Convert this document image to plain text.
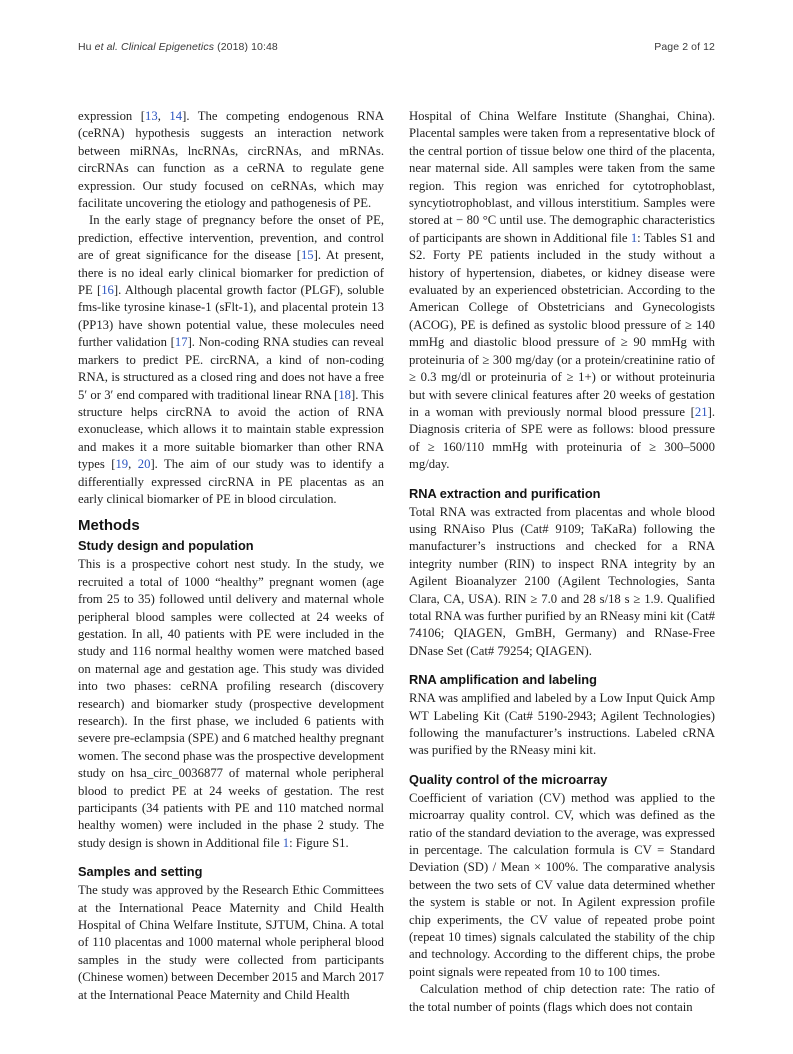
Hu et al. Clinical Epigenetics (2018) 10:48	Page 2 of 12

expression [13, 14]. The competing endogenous RNA (ceRNA) hypothesis suggests an interaction network between miRNAs, lncRNAs, circRNAs, and mRNAs. circRNAs can function as a ceRNA to regulate gene expression. Our study focused on ceRNAs, which may facilitate uncovering the etiology and pathogenesis of PE.

In the early stage of pregnancy before the onset of PE, prediction, effective intervention, prevention, and control are of great significance for the disease [15]. At present, there is no ideal early clinical biomarker for prediction of PE [16]. Although placental growth factor (PLGF), soluble fms-like tyrosine kinase-1 (sFlt-1), and placental protein 13 (PP13) have shown potential value, these molecules need further validation [17]. Non-coding RNA studies can reveal markers to predict PE. circRNA, a kind of non-coding RNA, is structured as a closed ring and does not have a free 5′ or 3′ end compared with traditional linear RNA [18]. This structure helps circRNA to avoid the action of RNA exonuclease, which allows it to maintain stable expression and makes it a more suitable biomarker than other RNA types [19, 20]. The aim of our study was to identify a differentially expressed circRNA in PE placentas as an early clinical biomarker of PE in blood circulation.

Methods
Study design and population

This is a prospective cohort nest study. In the study, we recruited a total of 1000 “healthy” pregnant women (age from 25 to 35) followed until delivery and maternal whole peripheral blood samples were collected at 24 weeks of gestation. In all, 40 patients with PE were included in the study and 116 normal healthy women were matched based on maternal age and gestation age. This study was divided into two phases: ceRNA profiling research (discovery research) and biomarker study (prospective development research). In the first phase, we included 6 patients with severe pre-eclampsia (SPE) and 6 matched healthy pregnant women. The second phase was the prospective development study on hsa_circ_0036877 of maternal whole peripheral blood to predict PE at 24 weeks of gestation. The rest participants (34 patients with PE and 110 matched normal healthy women) were included in the phase 2 study. The study design is shown in Additional file 1: Figure S1.

Samples and setting

The study was approved by the Research Ethic Committees at the International Peace Maternity and Child Health Hospital of China Welfare Institute, SJTUM, China. A total of 110 placentas and 1000 maternal whole peripheral blood samples in the study were collected from participants (Chinese women) between December 2015 and March 2017 at the International Peace Maternity and Child Health

Hospital of China Welfare Institute (Shanghai, China). Placental samples were taken from a representative block of the central portion of tissue below one third of the placenta, near maternal side. All samples were taken from the same region. This region was enriched for cytotrophoblast, syncytiotrophoblast, and villous interstitium. Samples were stored at − 80 °C until use. The demographic characteristics of participants are shown in Additional file 1: Tables S1 and S2. Forty PE patients included in the study without a history of hypertension, diabetes, or kidney disease were evaluated by an experienced obstetrician. According to the American College of Obstetricians and Gynecologists (ACOG), PE is defined as systolic blood pressure of ≥ 140 mmHg and diastolic blood pressure of ≥ 90 mmHg with proteinuria of ≥ 300 mg/day (or a protein/creatinine ratio of ≥ 0.3 mg/dl or proteinuria of ≥ 1+) or without proteinuria but with severe clinical features after 20 weeks of gestation in a woman with previously normal blood pressure [21]. Diagnosis criteria of SPE were as follows: blood pressure of ≥ 160/110 mmHg with proteinuria of ≥ 300–5000 mg/day.

RNA extraction and purification

Total RNA was extracted from placentas and whole blood using RNAiso Plus (Cat# 9109; TaKaRa) following the manufacturer’s instructions and checked for a RNA integrity number (RIN) to inspect RNA integrity by an Agilent Bioanalyzer 2100 (Agilent Technologies, Santa Clara, CA, USA). RIN ≥ 7.0 and 28 s/18 s ≥ 1.9. Qualified total RNA was further purified by an RNeasy mini kit (Cat# 74106; QIAGEN, GmBH, Germany) and RNase-Free DNase Set (Cat# 79254; QIAGEN).

RNA amplification and labeling

RNA was amplified and labeled by a Low Input Quick Amp WT Labeling Kit (Cat# 5190-2943; Agilent Technologies) following the manufacturer’s instructions. Labeled cRNA was purified by the RNeasy mini kit.

Quality control of the microarray

Coefficient of variation (CV) method was applied to the microarray quality control. CV, which was defined as the ratio of the standard deviation to the average, was expressed in percentage. The calculation formula is CV = Standard Deviation (SD) / Mean × 100%. The comparative analysis between the two sets of CV value data determined whether the system is stable or not. In Agilent expression profile chip experiments, the CV value of repeated probe point (repeat 10 times) signals calculated the stability of the chip and technology. According to the different chips, the probe point signals were repeated from 10 to 100 times.

Calculation method of chip detection rate: The ratio of the total number of points (flags which does not contain
